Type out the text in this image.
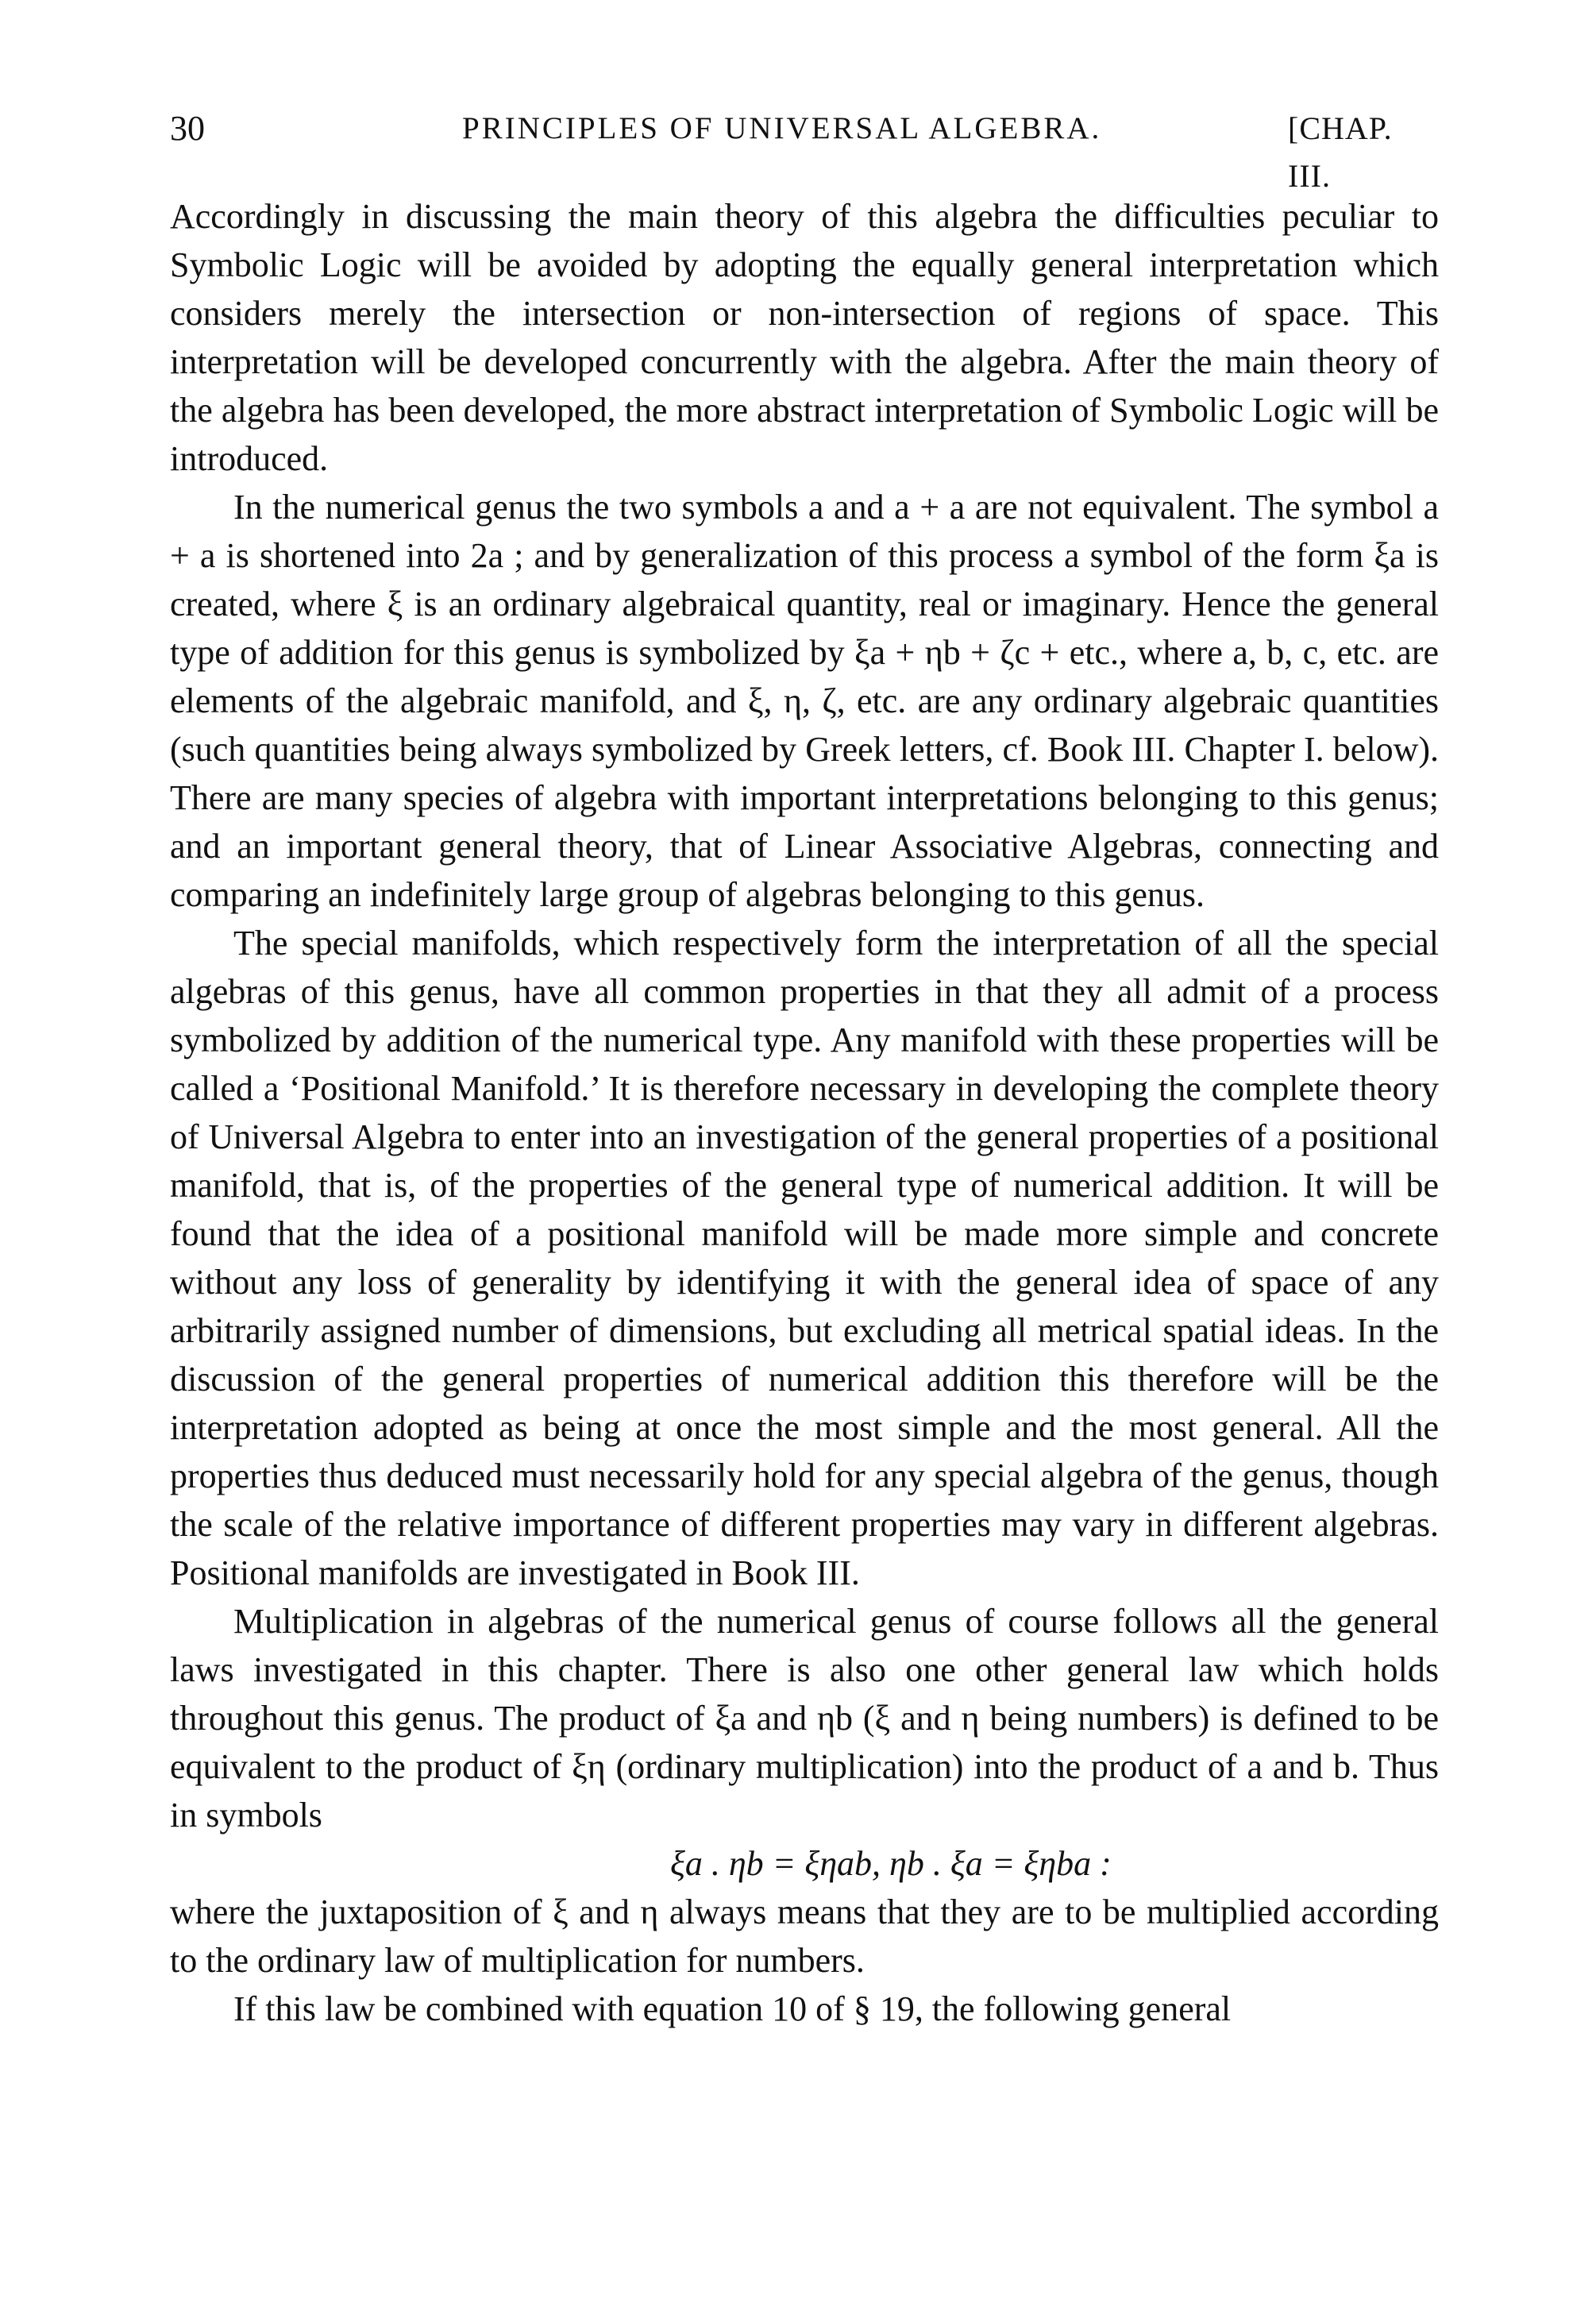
30	PRINCIPLES OF UNIVERSAL ALGEBRA.	[CHAP. III.

Accordingly in discussing the main theory of this algebra the difficulties peculiar to Symbolic Logic will be avoided by adopting the equally general interpretation which considers merely the intersection or non-intersection of regions of space. This interpretation will be developed concurrently with the algebra. After the main theory of the algebra has been developed, the more abstract interpretation of Symbolic Logic will be introduced.

In the numerical genus the two symbols a and a + a are not equivalent. The symbol a + a is shortened into 2a ; and by generalization of this process a symbol of the form ξa is created, where ξ is an ordinary algebraical quantity, real or imaginary. Hence the general type of addition for this genus is symbolized by ξa + ηb + ζc + etc., where a, b, c, etc. are elements of the algebraic manifold, and ξ, η, ζ, etc. are any ordinary algebraic quantities (such quantities being always symbolized by Greek letters, cf. Book III. Chapter I. below). There are many species of algebra with important interpretations belonging to this genus; and an important general theory, that of Linear Associative Algebras, connecting and comparing an indefinitely large group of algebras belonging to this genus.

The special manifolds, which respectively form the interpretation of all the special algebras of this genus, have all common properties in that they all admit of a process symbolized by addition of the numerical type. Any manifold with these properties will be called a ‘Positional Manifold.’ It is therefore necessary in developing the complete theory of Universal Algebra to enter into an investigation of the general properties of a positional manifold, that is, of the properties of the general type of numerical addition. It will be found that the idea of a positional manifold will be made more simple and concrete without any loss of generality by identifying it with the general idea of space of any arbitrarily assigned number of dimensions, but excluding all metrical spatial ideas. In the discussion of the general properties of numerical addition this therefore will be the interpretation adopted as being at once the most simple and the most general. All the properties thus deduced must necessarily hold for any special algebra of the genus, though the scale of the relative importance of different properties may vary in different algebras. Positional manifolds are investigated in Book III.

Multiplication in algebras of the numerical genus of course follows all the general laws investigated in this chapter. There is also one other general law which holds throughout this genus. The product of ξa and ηb (ξ and η being numbers) is defined to be equivalent to the product of ξη (ordinary multiplication) into the product of a and b. Thus in symbols

ξa . ηb = ξηab, ηb . ξa = ξηba :

where the juxtaposition of ξ and η always means that they are to be multiplied according to the ordinary law of multiplication for numbers.

If this law be combined with equation 10 of § 19, the following general
